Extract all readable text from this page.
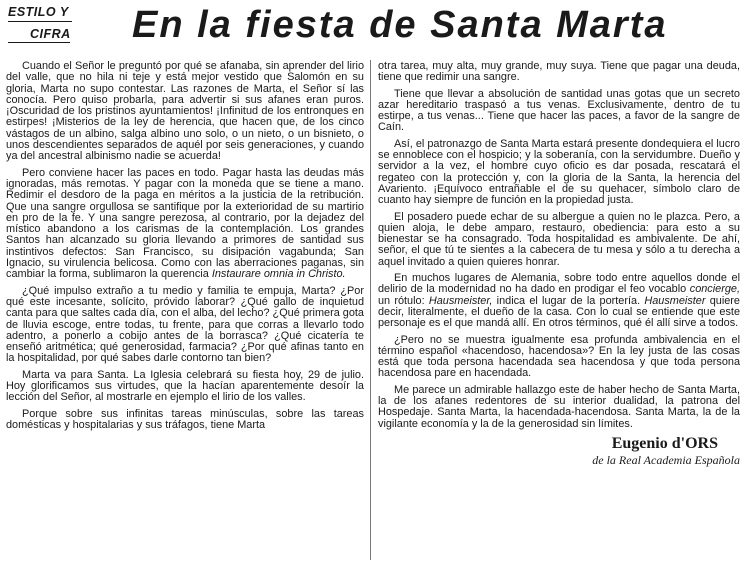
ESTILO Y
CIFRA En la fiesta de Santa Marta

Cuando el Señor le preguntó por qué se afanaba, sin aprender del lirio del valle, que no hila ni teje y está mejor vestido que Salomón en su gloria, Marta no supo contestar. Las razones de Marta, el Señor sí las conocía. Pero quiso probarla, para advertir si sus afanes eran puros. ¡Oscuridad de los pristinos ayuntamientos! ¡Infinitud de los entronques en estirpes! ¡Misterios de la ley de herencia, que hacen que, de los cinco vástagos de un albino, salga albino uno solo, o un nieto, o un bisnieto, o unos descendientes separados de aquél por seis generaciones, y cuando ya del ancestral albinismo nadie se acuerda!

Pero conviene hacer las paces en todo. Pagar hasta las deudas más ignoradas, más remotas. Y pagar con la moneda que se tiene a mano. Redimir el desdoro de la paga en méritos a la justicia de la retribución. Que una sangre orgullosa se santifique por la exterioridad de su martirio en pro de la fe. Y una sangre perezosa, al contrario, por la dejadez del místico abandono a los carismas de la contemplación. Los grandes Santos han alcanzado su gloria llevando a primores de santidad sus instintivos defectos: San Francisco, su disipación vagabunda; San Ignacio, su virulencia belicosa. Como con las aberraciones paganas, sin cambiar la forma, sublimaron la querencia Instaurare omnia in Christo.

¿Qué impulso extraño a tu medio y familia te empuja, Marta? ¿Por qué este incesante, solícito, próvido laborar? ¿Qué gallo de inquietud canta para que saltes cada día, con el alba, del lecho? ¿Qué primera gota de lluvia escoge, entre todas, tu frente, para que corras a llevarlo todo adentro, a ponerlo a cobijo antes de la borrasca? ¿Qué cicatería te enseñó aritmética; qué generosidad, farmacia? ¿Por qué afinas tanto en la hospitalidad, por qué sabes darle contorno tan bien?

Marta va para Santa. La Iglesia celebrará su fiesta hoy, 29 de julio. Hoy glorificamos sus virtudes, que la hacían aparentemente desoír la lección del Señor, al mostrarle en ejemplo el lirio de los valles.

Porque sobre sus infinitas tareas minúsculas, sobre las tareas domésticas y hospitalarias y sus tráfagos, tiene Marta

otra tarea, muy alta, muy grande, muy suya. Tiene que pagar una deuda, tiene que redimir una sangre.

Tiene que llevar a absolución de santidad unas gotas que un secreto azar hereditario traspasó a tus venas. Exclusivamente, dentro de tu estirpe, a tus venas... Tiene que hacer las paces, a favor de la sangre de Caín.

Así, el patronazgo de Santa Marta estará presente dondequiera el lucro se ennoblece con el hospicio; y la soberanía, con la servidumbre. Dueño y servidor a la vez, el hombre cuyo oficio es dar posada, rescatará el regateo con la protección y, con la gloria de la Santa, la herencia del Avariento. ¡Equívoco entrañable el de su quehacer, símbolo claro de cuanto hay siempre de función en la propiedad justa.

El posadero puede echar de su albergue a quien no le plazca. Pero, a quien aloja, le debe amparo, restauro, obediencia: para esto a su bienestar se ha consagrado. Toda hospitalidad es ambivalente. De ahí, señor, el que tú te sientes a la cabecera de tu mesa y sólo a tu derecha a aquel invitado a quien quieres honrar.

En muchos lugares de Alemania, sobre todo entre aquellos donde el delirio de la modernidad no ha dado en prodigar el feo vocablo concierge, un rótulo: Hausmeister, indica el lugar de la portería. Hausmeister quiere decir, literalmente, el dueño de la casa. Con lo cual se entiende que este personaje es el que mandá allí. En otros términos, qué él allí sirve a todos.

¿Pero no se muestra igualmente esa profunda ambivalencia en el término español «hacendoso, hacendosa»? En la ley justa de las cosas está que toda persona hacendada sea hacendosa y que toda persona hacendosa pare en hacendada.

Me parece un admirable hallazgo este de haber hecho de Santa Marta, la de los afanes redentores de su interior dualidad, la patrona del Hospedaje. Santa Marta, la hacendada-hacendosa. Santa Marta, la de la vigilante economía y la de la generosidad sin límites.

Eugenio d'ORS
de la Real Academia Española
